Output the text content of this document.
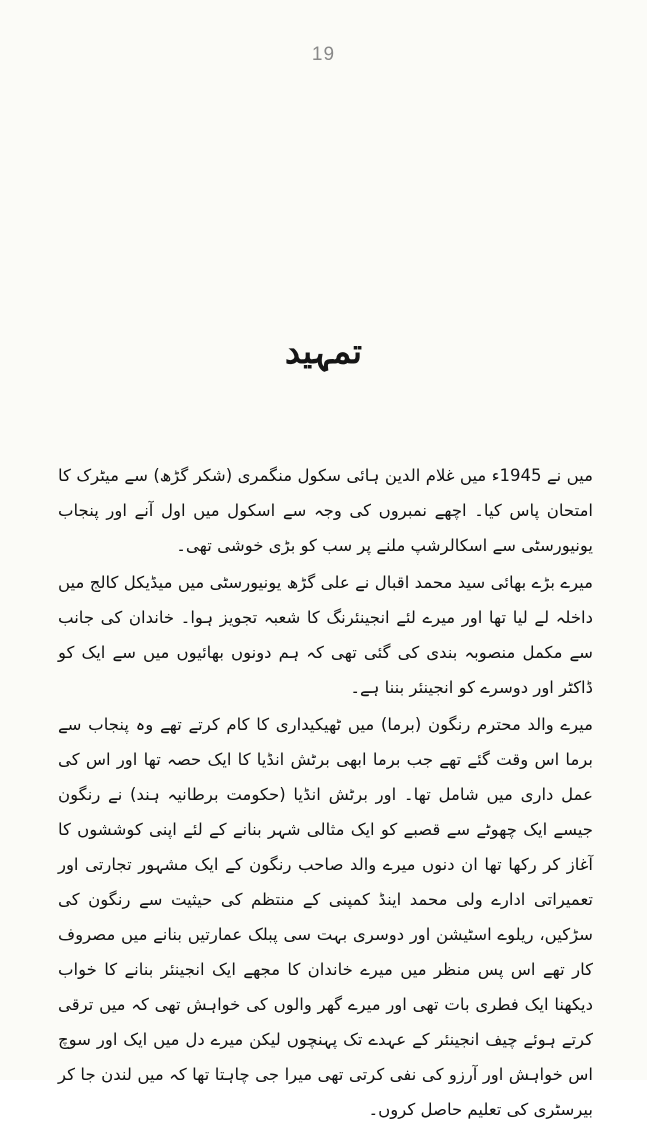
19
تمہید

میں نے 1945ء میں غلام الدین ہائی سکول منگمری (شکر گڑھ) سے میٹرک کا امتحان پاس کیا۔ اچھے نمبروں کی وجہ سے اسکول میں اول آنے اور پنجاب یونیورسٹی سے اسکالرشپ ملنے پر سب کو بڑی خوشی تھی۔

میرے بڑے بھائی سید محمد اقبال نے علی گڑھ یونیورسٹی میں میڈیکل کالج میں داخلہ لے لیا تھا اور میرے لئے انجینئرنگ کا شعبہ تجویز ہوا۔ خاندان کی جانب سے مکمل منصوبہ بندی کی گئی تھی کہ ہم دونوں بھائیوں میں سے ایک کو ڈاکٹر اور دوسرے کو انجینئر بننا ہے۔

میرے والد محترم رنگون (برما) میں ٹھیکیداری کا کام کرتے تھے وہ پنجاب سے برما اس وقت گئے تھے جب برما ابھی برٹش انڈیا کا ایک حصہ تھا اور اس کی عمل داری میں شامل تھا۔ اور برٹش انڈیا (حکومت برطانیہ ہند) نے رنگون جیسے ایک چھوٹے سے قصبے کو ایک مثالی شہر بنانے کے لئے اپنی کوششوں کا آغاز کر رکھا تھا ان دنوں میرے والد صاحب رنگون کے ایک مشہور تجارتی اور تعمیراتی ادارے ولی محمد اینڈ کمپنی کے منتظم کی حیثیت سے رنگون کی سڑکیں، ریلوے اسٹیشن اور دوسری بہت سی پبلک عمارتیں بنانے میں مصروف کار تھے اس پس منظر میں میرے خاندان کا مجھے ایک انجینئر بنانے کا خواب دیکھنا ایک فطری بات تھی اور میرے گھر والوں کی خواہش تھی کہ میں ترقی کرتے ہوئے چیف انجینئر کے عہدے تک پہنچوں لیکن میرے دل میں ایک اور سوچ اس خواہش اور آرزو کی نفی کرتی تھی میرا جی چاہتا تھا کہ میں لندن جا کر بیرسٹری کی تعلیم حاصل کروں۔
